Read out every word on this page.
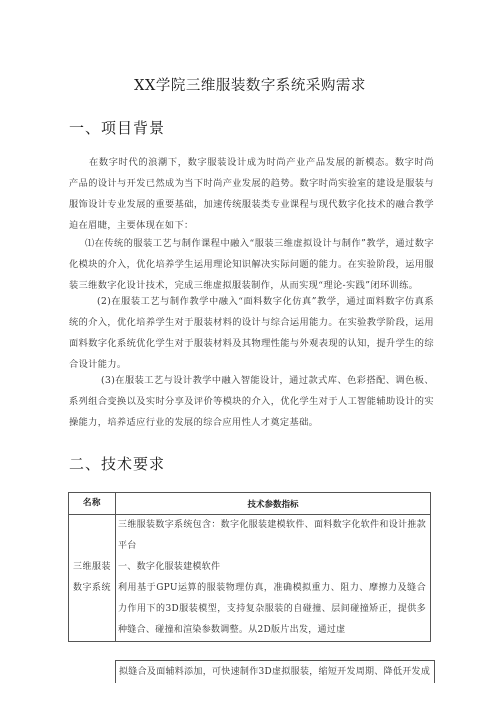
XX学院三维服装数字系统采购需求
一、项目背景
在数字时代的浪潮下，数字服装设计成为时尚产业产品发展的新模态。数字时尚产品的设计与开发已然成为当下时尚产业发展的趋势。数字时尚实验室的建设是服装与服饰设计专业发展的重要基础，加速传统服装类专业课程与现代数字化技术的融合教学迫在眉睫，主要体现在如下：
⑴在传统的服装工艺与制作课程中融入“服装三维虚拟设计与制作”教学，通过数字化模块的介入，优化培养学生运用理论知识解决实际问题的能力。在实验阶段，运用服装三维数字化设计技术，完成三维虚拟服装制作，从而实现“理论-实践”闭环训练。
(2)在服装工艺与制作教学中融入“面料数字化仿真”教学，通过面料数字仿真系统的介入，优化培养学生对于服装材料的设计与综合运用能力。在实验教学阶段，运用面料数字化系统优化学生对于服装材料及其物理性能与外观表现的认知，提升学生的综合设计能力。
(3)在服装工艺与设计教学中融入智能设计，通过款式库、色彩搭配、调色板、系列组合变换以及实时分享及评价等模块的介入，优化学生对于人工智能辅助设计的实操能力，培养适应行业的发展的综合应用性人才奠定基础。
二、技术要求
名称	技术参数指标
三维服装数字系统	三维服装数字系统包含：数字化服装建模软件、面料数字化软件和设计推款平台
一、数字化服装建模软件
利用基于GPU运算的服装物理仿真，准确模拟重力、阻力、摩擦力及缝合力作用下的3D服装模型，支持复杂服装的自碰撞、层间碰撞矫正，提供多种缝合、碰撞和渲染参数调整。从2D版片出发，通过虚
拟缝合及面辅料添加，可快速制作3D虚拟服装，缩短开发周期、降低开发成
